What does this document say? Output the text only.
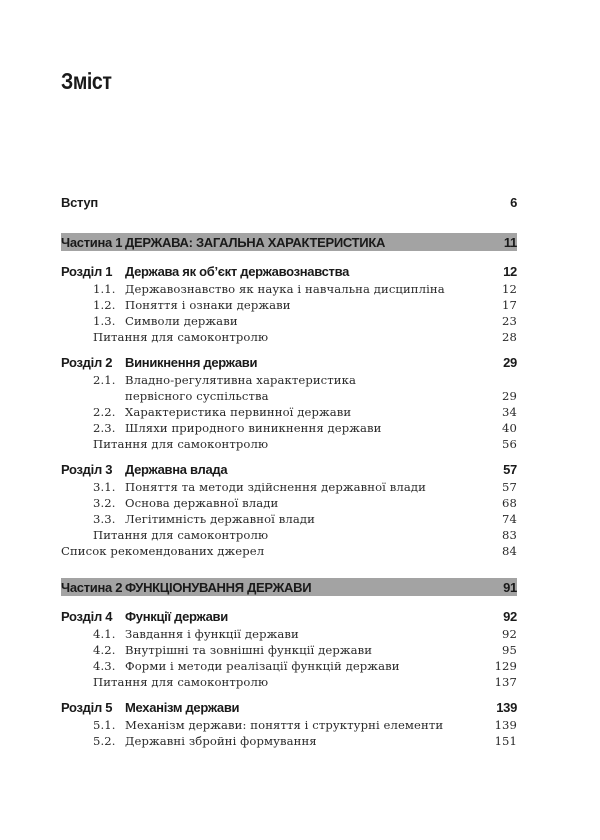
Зміст
Вступ	6
Частина 1 ДЕРЖАВА: ЗАГАЛЬНА ХАРАКТЕРИСТИКА	11
Розділ 1 Держава як об’єкт державознавства	12
1.1. Державознавство як наука і навчальна дисципліна	12
1.2. Поняття і ознаки держави	17
1.3. Символи держави	23
Питання для самоконтролю	28
Розділ 2 Виникнення держави	29
2.1. Владно-регулятивна характеристика
первісного суспільства	29
2.2. Характеристика первинної держави	34
2.3. Шляхи природного виникнення держави	40
Питання для самоконтролю	56
Розділ 3 Державна влада	57
3.1. Поняття та методи здійснення державної влади	57
3.2. Основа державної влади	68
3.3. Легітимність державної влади	74
Питання для самоконтролю	83
Список рекомендованих джерел	84
Частина 2 ФУНКЦІОНУВАННЯ ДЕРЖАВИ	91
Розділ 4 Функції держави	92
4.1. Завдання і функції держави	92
4.2. Внутрішні та зовнішні функції держави	95
4.3. Форми і методи реалізації функцій держави	129
Питання для самоконтролю	137
Розділ 5 Механізм держави	139
5.1. Механізм держави: поняття і структурні елементи	139
5.2. Державні збройні формування	151
